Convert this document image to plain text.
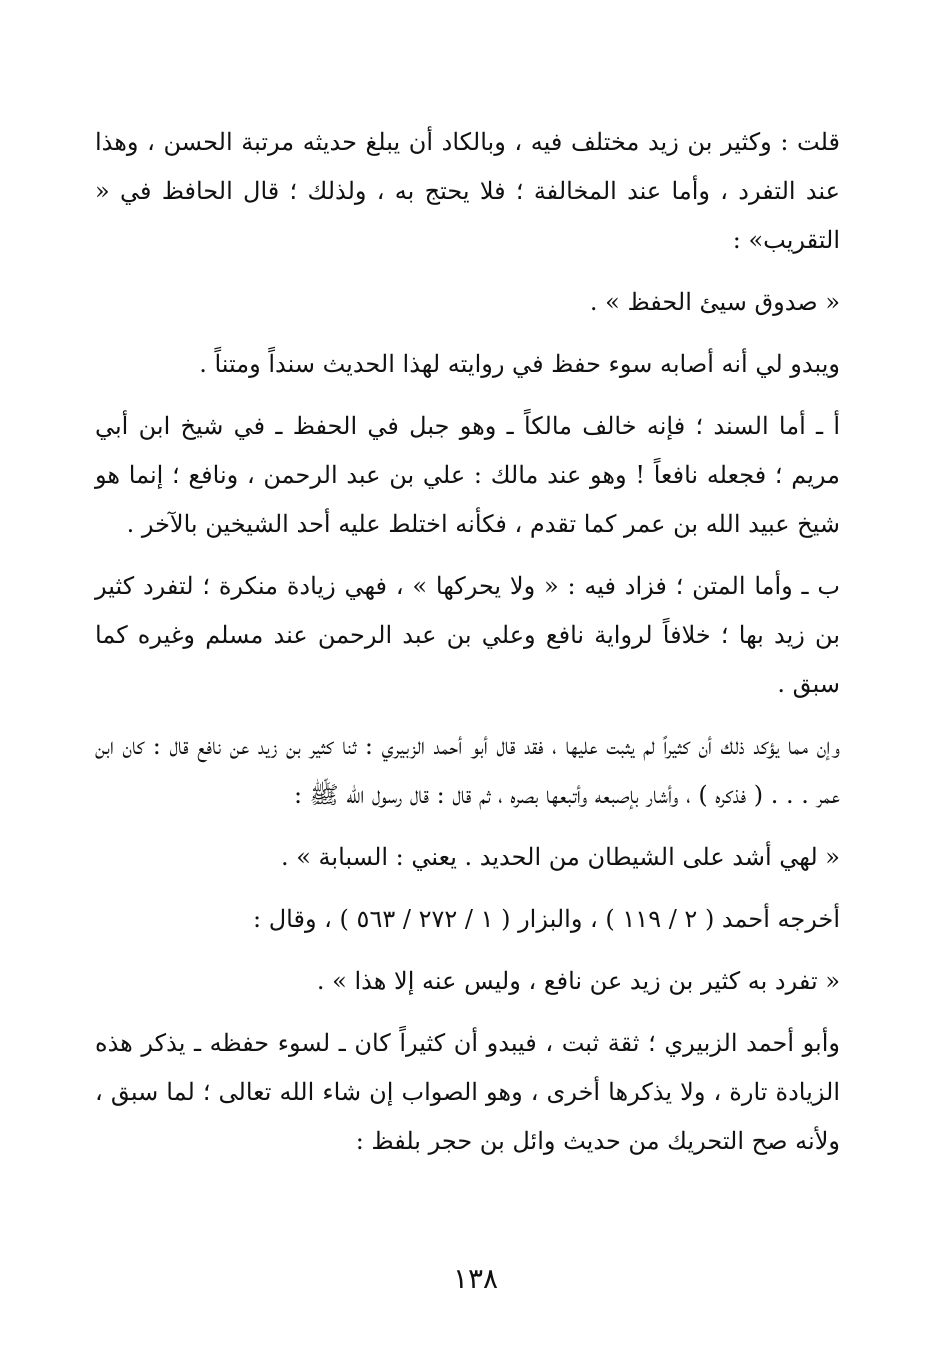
قلت : وكثير بن زيد مختلف فيه ، وبالكاد أن يبلغ حديثه مرتبة الحسن ، وهذا عند التفرد ، وأما عند المخالفة ؛ فلا يحتج به ، ولذلك ؛ قال الحافظ في « التقريب» :

« صدوق سيئ الحفظ » .

ويبدو لي أنه أصابه سوء حفظ في روايته لهذا الحديث سنداً ومتناً .

أ ـ أما السند ؛ فإنه خالف مالكاً ـ وهو جبل في الحفظ ـ في شيخ ابن أبي مريم ؛ فجعله نافعاً ! وهو عند مالك : علي بن عبد الرحمن ، ونافع ؛ إنما هو شيخ عبيد الله بن عمر كما تقدم ، فكأنه اختلط عليه أحد الشيخين بالآخر .

ب ـ وأما المتن ؛ فزاد فيه : « ولا يحركها » ، فهي زيادة منكرة ؛ لتفرد كثير بن زيد بها ؛ خلافاً لرواية نافع وعلي بن عبد الرحمن عند مسلم وغيره كما سبق .

وإن مما يؤكد ذلك أن كثيراً لم يثبت عليها ، فقد قال أبو أحمد الزبيري : ثنا كثير بن زيد عن نافع قال : كان ابن عمر . . . ( فذكره ) ، وأشار بإصبعه وأتبعها بصره ، ثم قال : قال رسول الله ﷺ :

« لهي أشد على الشيطان من الحديد . يعني : السبابة » .

أخرجه أحمد ( ٢ / ١١٩ ) ، والبزار ( ١ / ٢٧٢ / ٥٦٣ ) ، وقال :

« تفرد به كثير بن زيد عن نافع ، وليس عنه إلا هذا » .

وأبو أحمد الزبيري ؛ ثقة ثبت ، فيبدو أن كثيراً كان ـ لسوء حفظه ـ يذكر هذه الزيادة تارة ، ولا يذكرها أخرى ، وهو الصواب إن شاء الله تعالى ؛ لما سبق ، ولأنه صح التحريك من حديث وائل بن حجر بلفظ :

١٣٨
